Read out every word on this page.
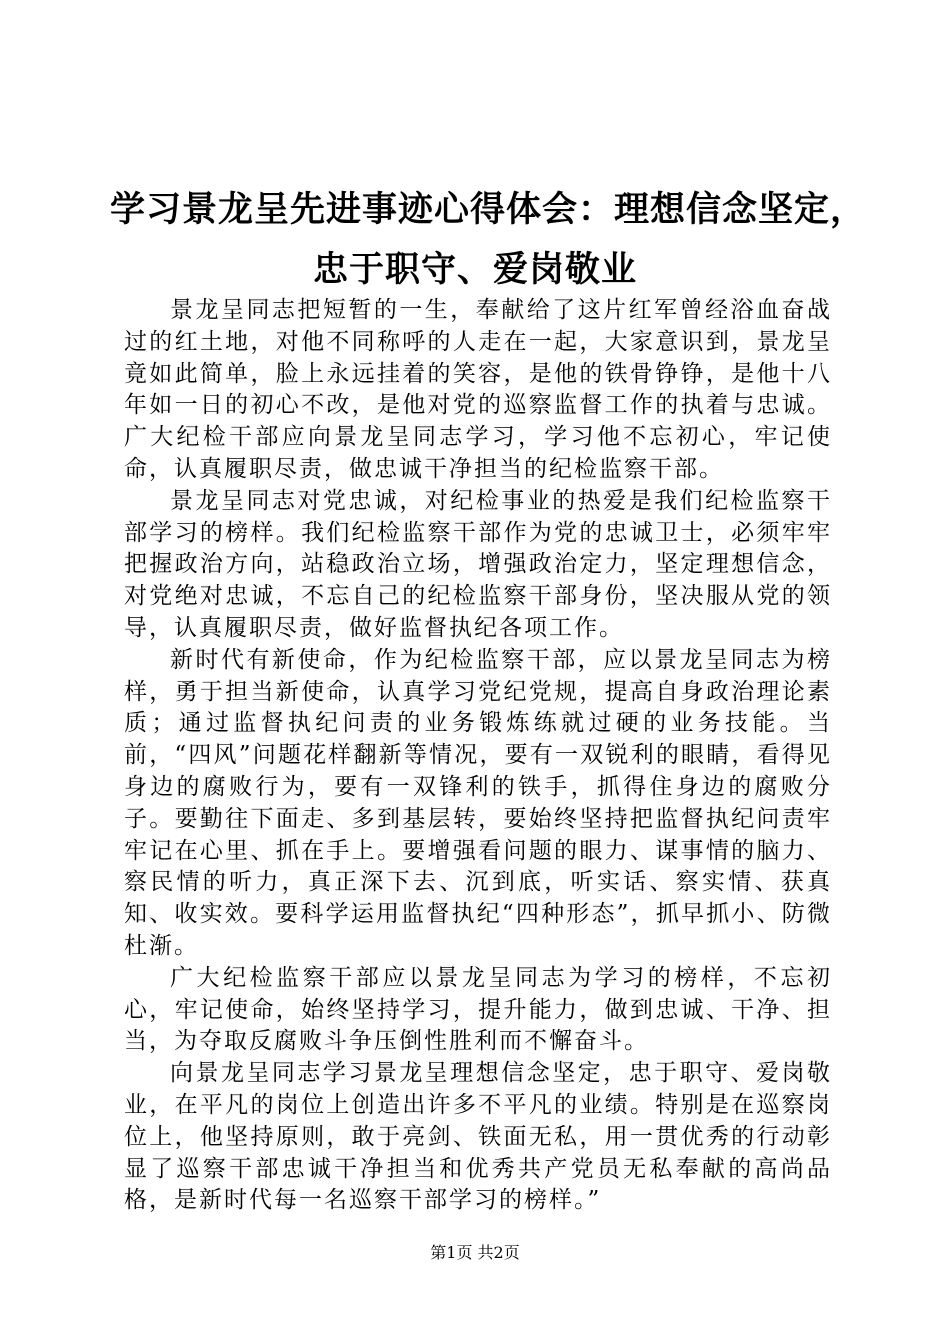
学习景龙呈先进事迹心得体会：理想信念坚定，
忠于职守、爱岗敬业

景龙呈同志把短暂的一生，奉献给了这片红军曾经浴血奋战过的红土地，对他不同称呼的人走在一起，大家意识到，景龙呈竟如此简单，脸上永远挂着的笑容，是他的铁骨铮铮，是他十八年如一日的初心不改，是他对党的巡察监督工作的执着与忠诚。广大纪检干部应向景龙呈同志学习，学习他不忘初心，牢记使命，认真履职尽责，做忠诚干净担当的纪检监察干部。

景龙呈同志对党忠诚，对纪检事业的热爱是我们纪检监察干部学习的榜样。我们纪检监察干部作为党的忠诚卫士，必须牢牢把握政治方向，站稳政治立场，增强政治定力，坚定理想信念，对党绝对忠诚，不忘自己的纪检监察干部身份，坚决服从党的领导，认真履职尽责，做好监督执纪各项工作。

新时代有新使命，作为纪检监察干部，应以景龙呈同志为榜样，勇于担当新使命，认真学习党纪党规，提高自身政治理论素质；通过监督执纪问责的业务锻炼练就过硬的业务技能。当前，“四风”问题花样翻新等情况，要有一双锐利的眼睛，看得见身边的腐败行为，要有一双锋利的铁手，抓得住身边的腐败分子。要勤往下面走、多到基层转，要始终坚持把监督执纪问责牢牢记在心里、抓在手上。要增强看问题的眼力、谋事情的脑力、察民情的听力，真正深下去、沉到底，听实话、察实情、获真知、收实效。要科学运用监督执纪“四种形态”，抓早抓小、防微杜渐。

广大纪检监察干部应以景龙呈同志为学习的榜样，不忘初心，牢记使命，始终坚持学习，提升能力，做到忠诚、干净、担当，为夺取反腐败斗争压倒性胜利而不懈奋斗。

向景龙呈同志学习景龙呈理想信念坚定，忠于职守、爱岗敬业，在平凡的岗位上创造出许多不平凡的业绩。特别是在巡察岗位上，他坚持原则，敢于亮剑、铁面无私，用一贯优秀的行动彰显了巡察干部忠诚干净担当和优秀共产党员无私奉献的高尚品格，是新时代每一名巡察干部学习的榜样。”

第1页 共2页
